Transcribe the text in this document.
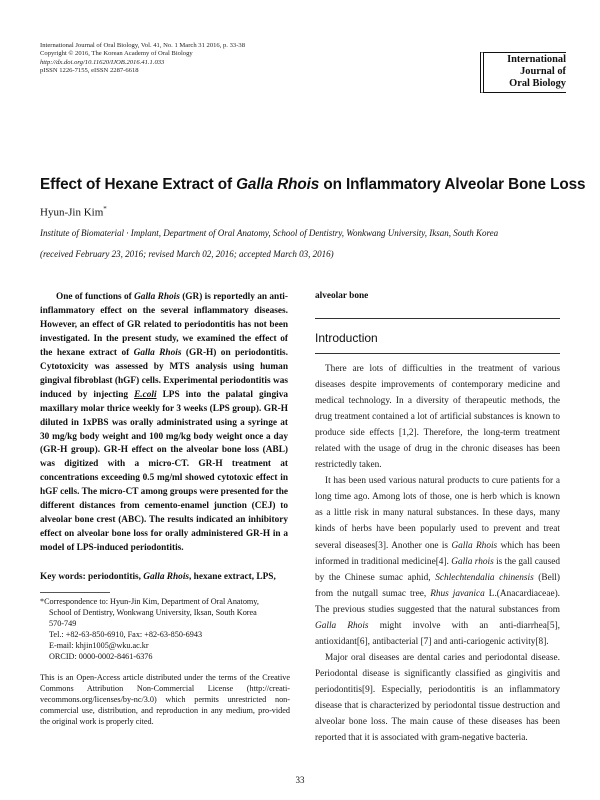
International Journal of Oral Biology, Vol. 41, No. 1 March 31 2016, p. 33-38
Copyright © 2016, The Korean Academy of Oral Biology
http://dx.doi.org/10.11620/IJOB.2016.41.1.033
pISSN 1226-7155, eISSN 2287-6618
International
Journal of
Oral Biology
Effect of Hexane Extract of Galla Rhois on Inflammatory Alveolar Bone Loss
Hyun-Jin Kim*
Institute of Biomaterial · Implant, Department of Oral Anatomy, School of Dentistry, Wonkwang University, Iksan, South Korea
(received February 23, 2016; revised March 02, 2016; accepted March 03, 2016)

One of functions of Galla Rhois (GR) is reportedly an anti-inflammatory effect on the several inflammatory diseases. However, an effect of GR related to periodontitis has not been investigated. In the present study, we examined the effect of the hexane extract of Galla Rhois (GR-H) on periodontitis. Cytotoxicity was assessed by MTS analysis using human gingival fibroblast (hGF) cells. Experimental periodontitis was induced by injecting E.coli LPS into the palatal gingiva maxillary molar thrice weekly for 3 weeks (LPS group). GR-H diluted in 1xPBS was orally administrated using a syringe at 30 mg/kg body weight and 100 mg/kg body weight once a day (GR-H group). GR-H effect on the alveolar bone loss (ABL) was digitized with a micro-CT. GR-H treatment at concentrations exceeding 0.5 mg/ml showed cytotoxic effect in hGF cells. The micro-CT among groups were presented for the different distances from cemento-enamel junction (CEJ) to alveolar bone crest (ABC). The results indicated an inhibitory effect on alveolar bone loss for orally administered GR-H in a model of LPS-induced periodontitis.

Key words: periodontitis, Galla Rhois, hexane extract, LPS,
alveolar bone
*Correspondence to: Hyun-Jin Kim, Department of Oral Anatomy,
School of Dentistry, Wonkwang University, Iksan, South Korea
570-749
Tel.: +82-63-850-6910, Fax: +82-63-850-6943
E-mail: khjin1005@wku.ac.kr
ORCID: 0000-0002-8461-6376
This is an Open-Access article distributed under the terms of the Creative Commons Attribution Non-Commercial License (http://creati-vecommons.org/licenses/by-nc/3.0) which permits unrestricted non-commercial use, distribution, and reproduction in any medium, pro-vided the original work is properly cited.
Introduction

There are lots of difficulties in the treatment of various diseases despite improvements of contemporary medicine and medical technology. In a diversity of therapeutic methods, the drug treatment contained a lot of artificial substances is known to produce side effects [1,2]. Therefore, the long-term treatment related with the usage of drug in the chronic diseases has been restrictedly taken.

It has been used various natural products to cure patients for a long time ago. Among lots of those, one is herb which is known as a little risk in many natural substances. In these days, many kinds of herbs have been popularly used to prevent and treat several diseases[3]. Another one is Galla Rhois which has been informed in traditional medicine[4]. Galla rhois is the gall caused by the Chinese sumac aphid, Schlechtendalia chinensis (Bell) from the nutgall sumac tree, Rhus javanica L.(Anacardiaceae). The previous studies suggested that the natural substances from Galla Rhois might involve with an anti-diarrhea[5], antioxidant[6], antibacterial [7] and anti-cariogenic activity[8].

Major oral diseases are dental caries and periodontal disease. Periodontal disease is significantly classified as gingivitis and periodontitis[9]. Especially, periodontitis is an inflammatory disease that is characterized by periodontal tissue destruction and alveolar bone loss. The main cause of these diseases has been reported that it is associated with gram-negative bacteria.

33
